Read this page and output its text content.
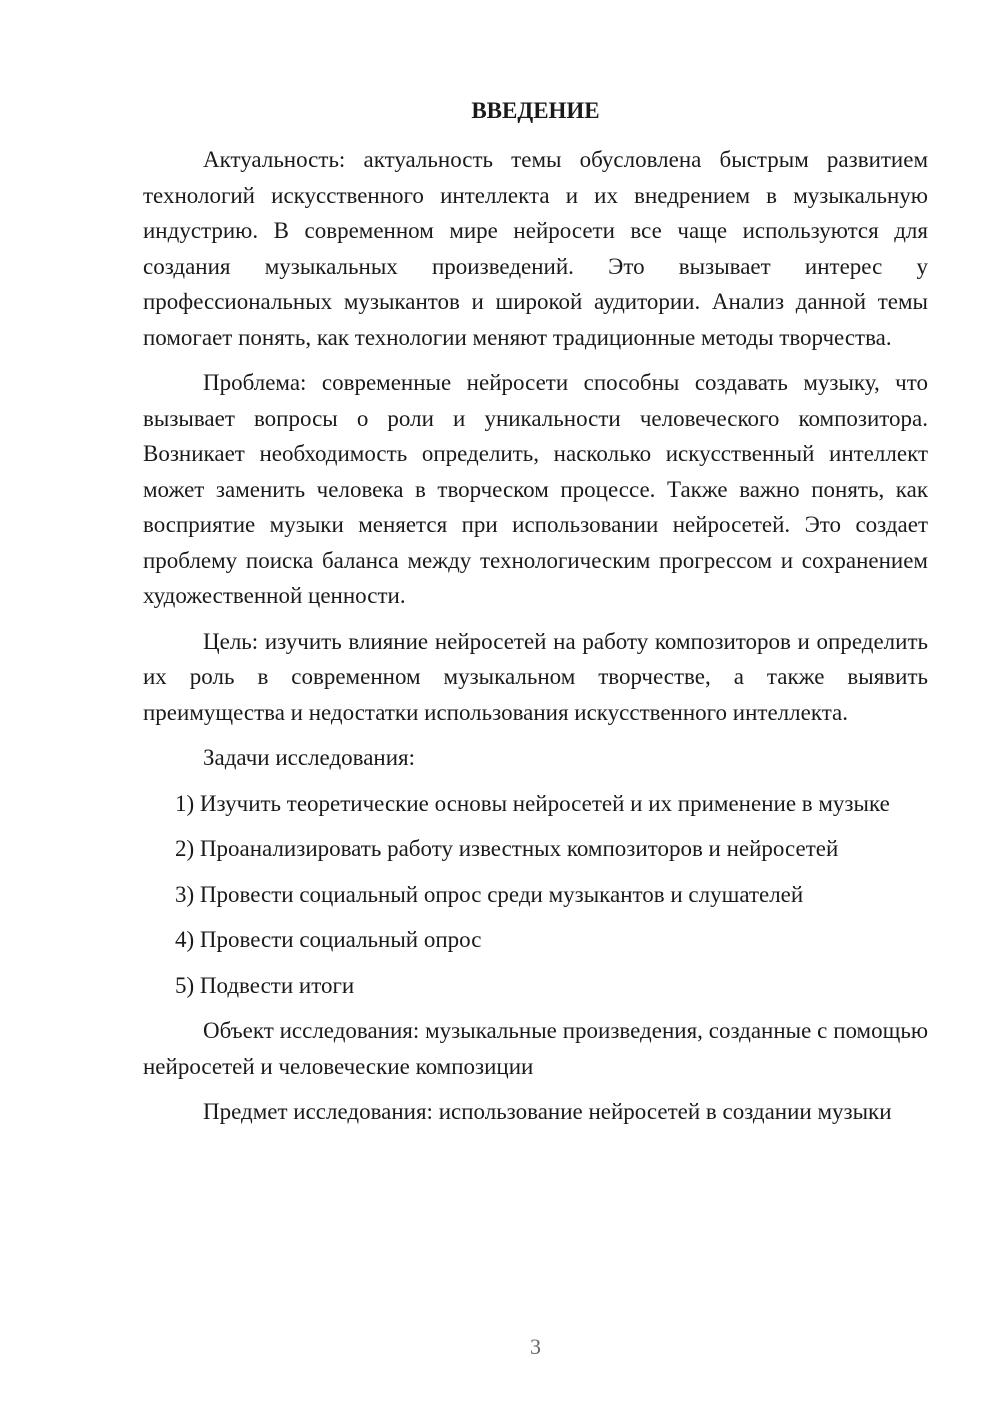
ВВЕДЕНИЕ

Актуальность: актуальность темы обусловлена быстрым развитием технологий искусственного интеллекта и их внедрением в музыкальную индустрию. В современном мире нейросети все чаще используются для создания музыкальных произведений. Это вызывает интерес у профессиональных музыкантов и широкой аудитории. Анализ данной темы помогает понять, как технологии меняют традиционные методы творчества.

Проблема: современные нейросети способны создавать музыку, что вызывает вопросы о роли и уникальности человеческого композитора. Возникает необходимость определить, насколько искусственный интеллект может заменить человека в творческом процессе. Также важно понять, как восприятие музыки меняется при использовании нейросетей. Это создает проблему поиска баланса между технологическим прогрессом и сохранением художественной ценности.

Цель: изучить влияние нейросетей на работу композиторов и определить их роль в современном музыкальном творчестве, а также выявить преимущества и недостатки использования искусственного интеллекта.

Задачи исследования:

1) Изучить теоретические основы нейросетей и их применение в музыке

2) Проанализировать работу известных композиторов и нейросетей

3) Провести социальный опрос среди музыкантов и слушателей

4) Провести социальный опрос

5) Подвести итоги

Объект исследования: музыкальные произведения, созданные с помощью нейросетей и человеческие композиции

Предмет исследования: использование нейросетей в создании музыки

3
